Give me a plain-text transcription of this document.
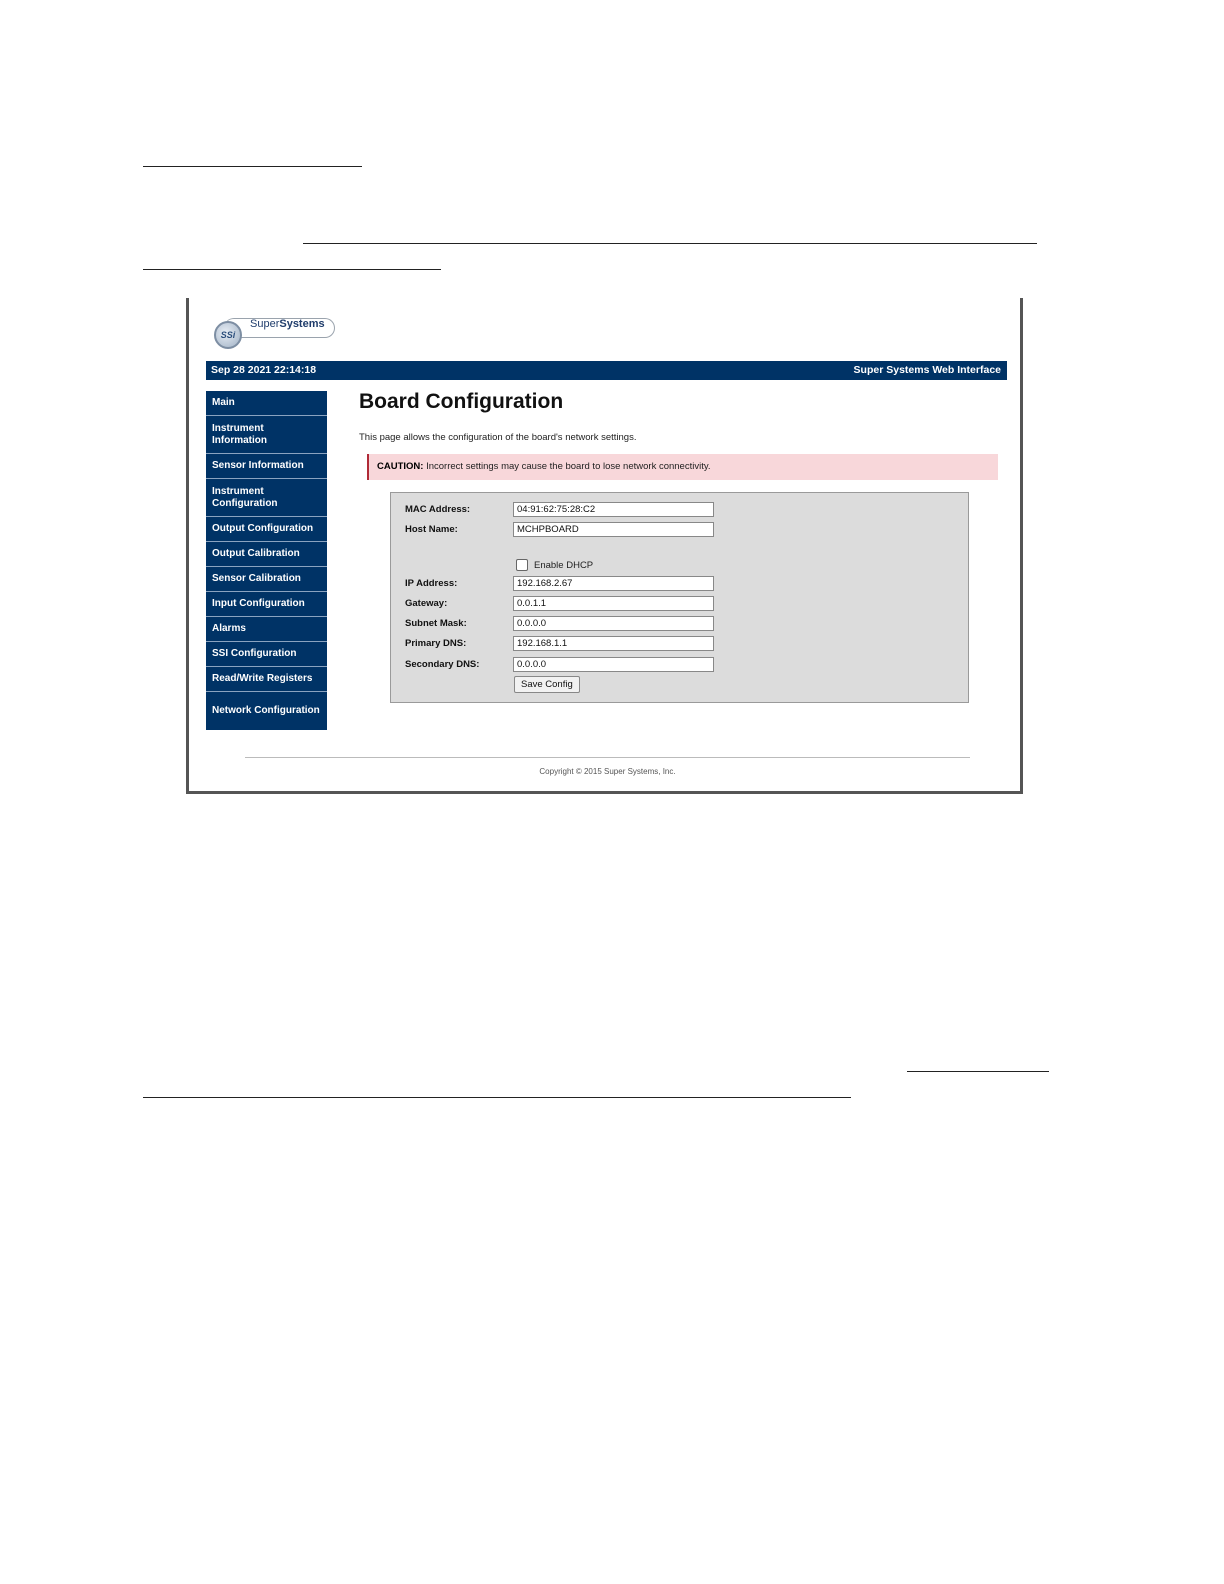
SSi
SuperSystems
Sep 28 2021 22:14:18	Super Systems Web Interface
Main
Instrument Information
Sensor Information
Instrument Configuration
Output Configuration
Output Calibration
Sensor Calibration
Input Configuration
Alarms
SSI Configuration
Read/Write Registers
Network Configuration
Board Configuration
This page allows the configuration of the board's network settings.
CAUTION: Incorrect settings may cause the board to lose network connectivity.
MAC Address:
04:91:62:75:28:C2
Host Name:
MCHPBOARD
Enable DHCP
IP Address:
192.168.2.67
Gateway:
0.0.1.1
Subnet Mask:
0.0.0.0
Primary DNS:
192.168.1.1
Secondary DNS:
0.0.0.0
Save Config
Copyright © 2015 Super Systems, Inc.
